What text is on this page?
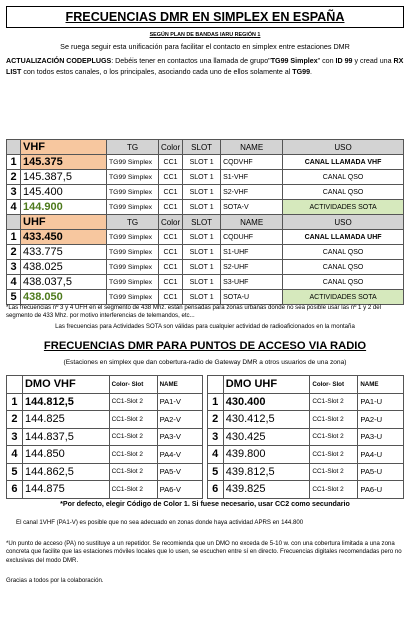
FRECUENCIAS DMR EN SIMPLEX EN ESPAÑA
SEGÚN PLAN DE BANDAS IARU REGIÓN 1
Se ruega seguir esta unificación para facilitar el contacto en simplex entre estaciones DMR
ACTUALIZACIÓN CODEPLUGS: Debéis tener en contactos una llamada de grupo"TG99 Simplex" con ID 99 y cread una RX LIST con todos estos canales, o los principales, asociando cada uno de ellos solamente al TG99.
	VHF	TG	Color	SLOT	NAME	USO
1	145.375	TG99 Simplex	CC1	SLOT 1	CQDVHF	CANAL LLAMADA VHF
2	145.387,5	TG99 Simplex	CC1	SLOT 1	S1-VHF	CANAL QSO
3	145.400	TG99 Simplex	CC1	SLOT 1	S2-VHF	CANAL QSO
4	144.900	TG99 Simplex	CC1	SLOT 1	SOTA-V	ACTIVIDADES SOTA
	UHF	TG	Color	SLOT	NAME	USO
1	433.450	TG99 Simplex	CC1	SLOT 1	CQDUHF	CANAL LLAMADA UHF
2	433.775	TG99 Simplex	CC1	SLOT 1	S1-UHF	CANAL QSO
3	438.025	TG99 Simplex	CC1	SLOT 1	S2-UHF	CANAL QSO
4	438.037,5	TG99 Simplex	CC1	SLOT 1	S3-UHF	CANAL QSO
5	438.050	TG99 Simplex	CC1	SLOT 1	SOTA-U	ACTIVIDADES SOTA
*Las frecuencias nº 3 y 4 UFH en el segmento de 438 Mhz. están pensadas para zonas urbanas donde no sea posible usar las nº 1 y 2 del segmento de 433 Mhz. por motivo interferencias de telemandos, etc...
Las frecuencias para Actividades SOTA son válidas para cualquier actividad de radioaficionados en la montaña
FRECUENCIAS DMR PARA PUNTOS DE ACCESO VIA RADIO
(Estaciones en simplex que dan cobertura-radio de Gateway DMR a otros usuarios de una zona)
	DMO VHF	Color- Slot	NAME			DMO UHF	Color- Slot	NAME
1	144.812,5	CC1-Slot 2	PA1-V		1	430.400	CC1-Slot 2	PA1-U
2	144.825	CC1-Slot 2	PA2-V		2	430.412,5	CC1-Slot 2	PA2-U
3	144.837,5	CC1-Slot 2	PA3-V		3	430.425	CC1-Slot 2	PA3-U
4	144.850	CC1-Slot 2	PA4-V		4	439.800	CC1-Slot 2	PA4-U
5	144.862,5	CC1-Slot 2	PA5-V		5	439.812,5	CC1-Slot 2	PA5-U
6	144.875	CC1-Slot 2	PA6-V		6	439.825	CC1-Slot 2	PA6-U
*Por defecto, elegir Código de Color 1. Si fuese necesario, usar CC2 como secundario
El canal 1VHF (PA1-V) es posible que no sea adecuado en zonas donde haya actividad APRS en 144.800
*Un punto de acceso (PA) no sustituye a un repetidor. Se recomienda que un DMO no exceda de 5-10 w. con una cobertura limitada a una zona concreta que facilite que las estaciones móviles locales que lo usen, se escuchen entre sí en directo. Frecuencias digitales recomendadas pero no exclusivas del modo DMR.
Gracias a todos por la colaboración.
